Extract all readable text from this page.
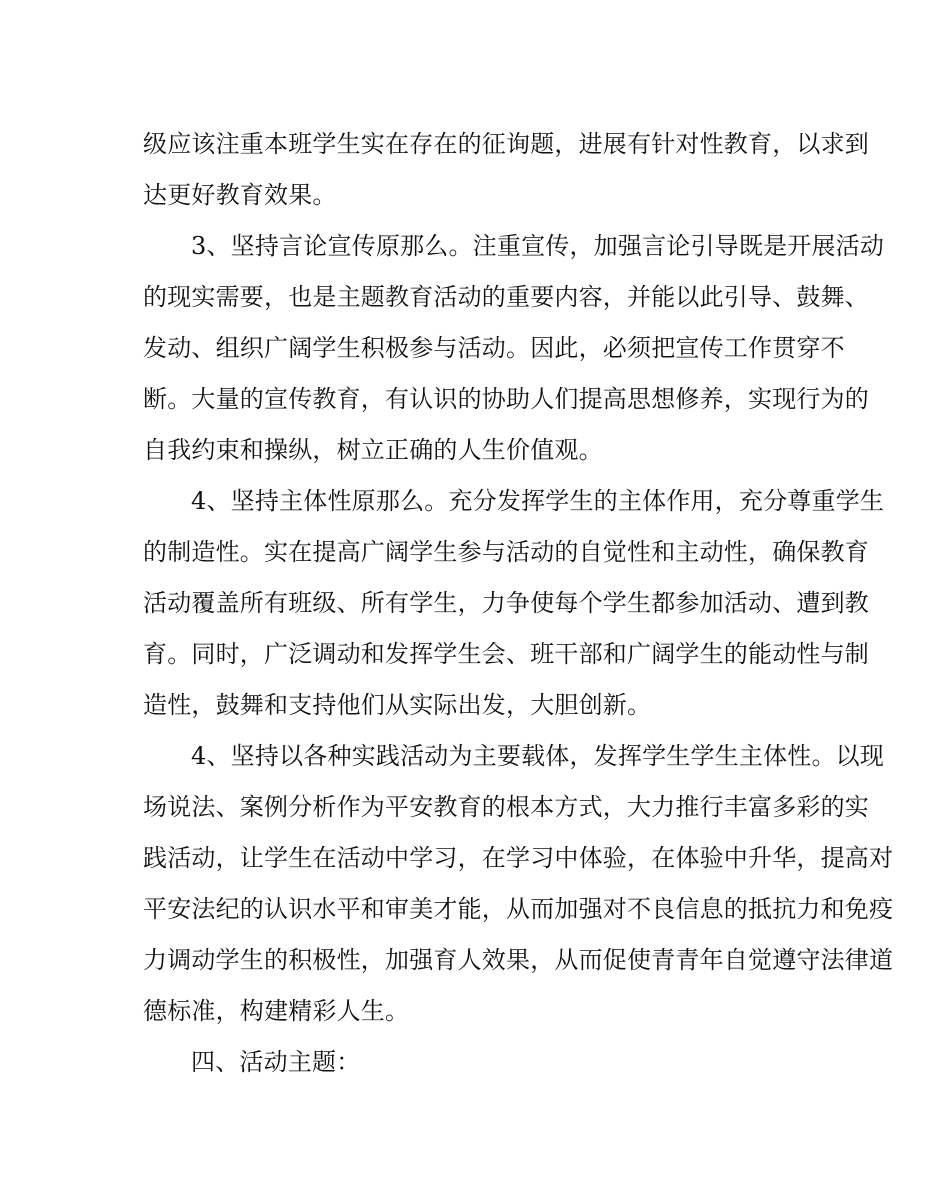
级应该注重本班学生实在存在的征询题，进展有针对性教育，以求到
达更好教育效果。
3、坚持言论宣传原那么。注重宣传，加强言论引导既是开展活动
的现实需要，也是主题教育活动的重要内容，并能以此引导、鼓舞、
发动、组织广阔学生积极参与活动。因此，必须把宣传工作贯穿不
断。大量的宣传教育，有认识的协助人们提高思想修养，实现行为的
自我约束和操纵，树立正确的人生价值观。
4、坚持主体性原那么。充分发挥学生的主体作用，充分尊重学生
的制造性。实在提高广阔学生参与活动的自觉性和主动性，确保教育
活动覆盖所有班级、所有学生，力争使每个学生都参加活动、遭到教
育。同时，广泛调动和发挥学生会、班干部和广阔学生的能动性与制
造性，鼓舞和支持他们从实际出发，大胆创新。
4、坚持以各种实践活动为主要载体，发挥学生学生主体性。以现
场说法、案例分析作为平安教育的根本方式，大力推行丰富多彩的实
践活动，让学生在活动中学习，在学习中体验，在体验中升华，提高对
平安法纪的认识水平和审美才能，从而加强对不良信息的抵抗力和免疫
力调动学生的积极性，加强育人效果，从而促使青青年自觉遵守法律道
德标准，构建精彩人生。
四、活动主题：
